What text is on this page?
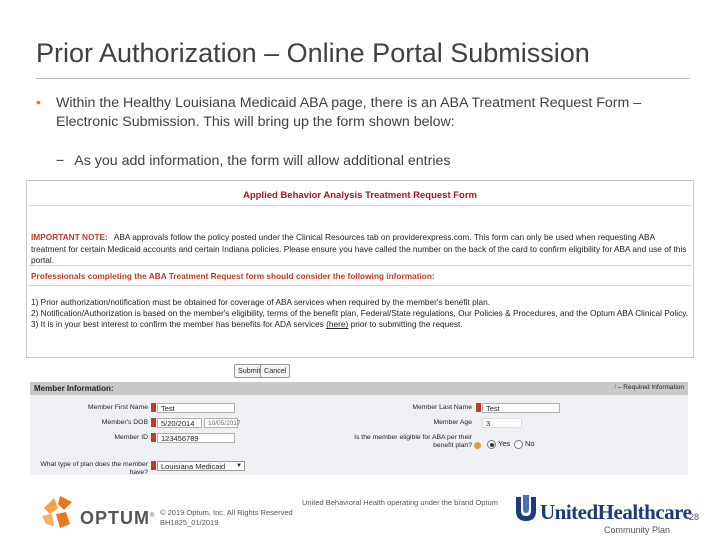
Prior Authorization – Online Portal Submission
• Within the Healthy Louisiana Medicaid ABA page, there is an ABA Treatment Request Form – Electronic Submission. This will bring up the form shown below:
− As you add information, the form will allow additional entries
Applied Behavior Analysis Treatment Request Form
IMPORTANT NOTE: ABA approvals follow the policy posted under the Clinical Resources tab on providerexpress.com. This form can only be used when requesting ABA treatment for certain Medicaid accounts and certain Indiana policies. Please ensure you have called the number on the back of the card to confirm eligibility for ABA and use of this portal.
Professionals completing the ABA Treatment Request form should consider the following information:
1) Prior authorization/notification must be obtained for coverage of ABA services when required by the member's benefit plan.
2) Notification/Authorization is based on the member's eligibility, terms of the benefit plan, Federal/State regulations, Our Policies & Procedures, and the Optum ABA Clinical Policy.
3) It is in your best interest to confirm the member has benefits for ADA services (here) prior to submitting the request.
Submit Cancel
Member Information:	! – Required Information
Member First Name	Test
Member's DOB	5/20/2014	10/05/2017
Member ID	123456789
What type of plan does the member
have?
Louisiana Medicaid ▼
Member Last Name	Test
Member Age	3
Is the member eligible for ABA per their
benefit plan?	Yes No
OPTUM® © 2019 Optum, Inc. All Rights Reserved
BH1825_01/2019
United Behavioral Health operating under the brand Optum UnitedHealthcare
Community Plan
28
